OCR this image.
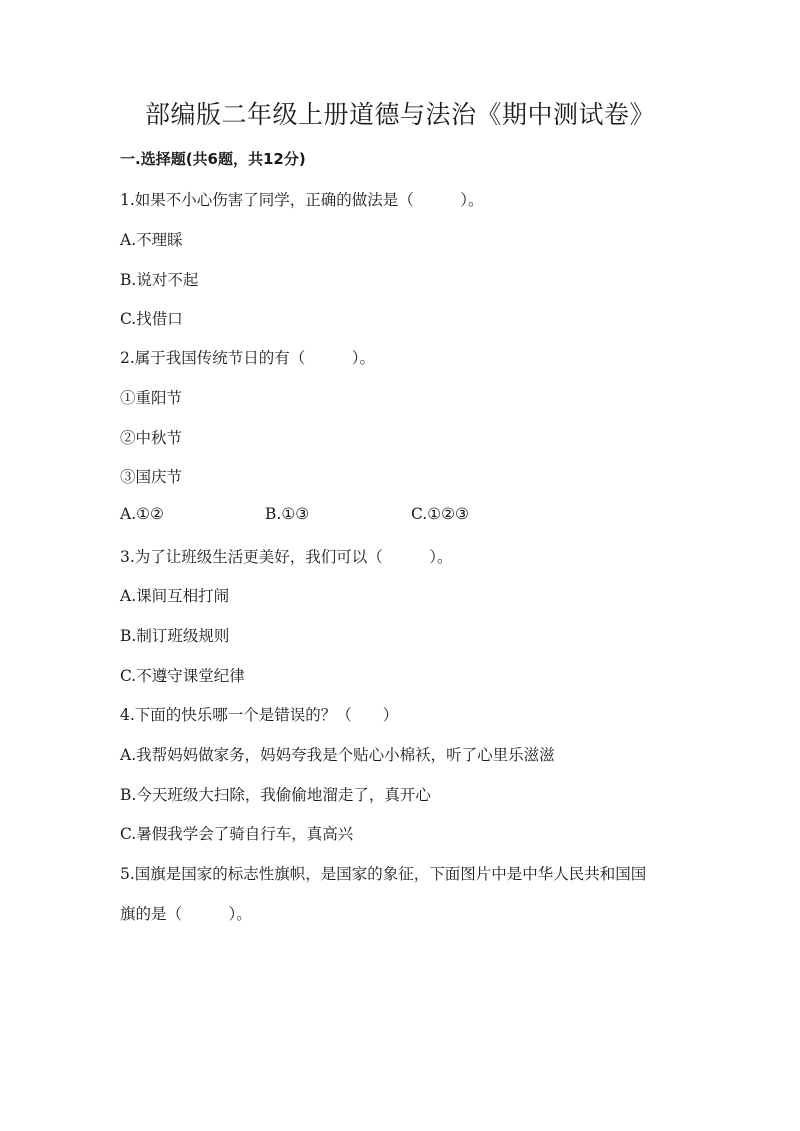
部编版二年级上册道德与法治《期中测试卷》
一.选择题(共6题，共12分)
1.如果不小心伤害了同学，正确的做法是（　　　）。
A.不理睬
B.说对不起
C.找借口
2.属于我国传统节日的有（　　　）。
①重阳节
②中秋节
③国庆节
A.①②	B.①③	C.①②③
3.为了让班级生活更美好，我们可以（　　　）。
A.课间互相打闹
B.制订班级规则
C.不遵守课堂纪律
4.下面的快乐哪一个是错误的？（　　）
A.我帮妈妈做家务，妈妈夸我是个贴心小棉袄，听了心里乐滋滋
B.今天班级大扫除，我偷偷地溜走了，真开心
C.暑假我学会了骑自行车，真高兴
5.国旗是国家的标志性旗帜，是国家的象征，下面图片中是中华人民共和国国
旗的是（　　　）。
